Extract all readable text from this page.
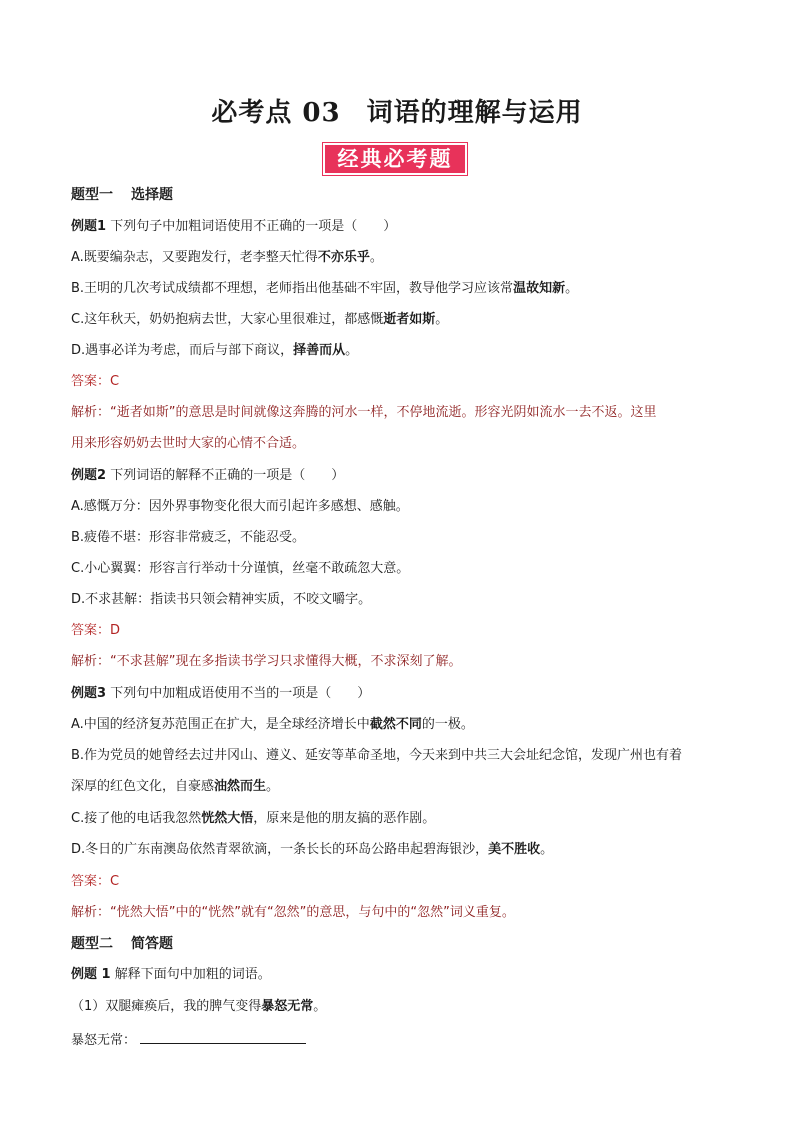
必考点 03 词语的理解与运用
经典必考题
题型一 选择题
例题1 下列句子中加粗词语使用不正确的一项是（　　）
A.既要编杂志，又要跑发行，老李整天忙得不亦乐乎。
B.王明的几次考试成绩都不理想，老师指出他基础不牢固，教导他学习应该常温故知新。
C.这年秋天，奶奶抱病去世，大家心里很难过，都感慨逝者如斯。
D.遇事必详为考虑，而后与部下商议，择善而从。
答案：C
解析：“逝者如斯”的意思是时间就像这奔腾的河水一样，不停地流逝。形容光阴如流水一去不返。这里
用来形容奶奶去世时大家的心情不合适。
例题2 下列词语的解释不正确的一项是（　　）
A.感慨万分：因外界事物变化很大而引起许多感想、感触。
B.疲倦不堪：形容非常疲乏，不能忍受。
C.小心翼翼：形容言行举动十分谨慎，丝毫不敢疏忽大意。
D.不求甚解：指读书只领会精神实质，不咬文嚼字。
答案：D
解析：“不求甚解”现在多指读书学习只求懂得大概，不求深刻了解。
例题3 下列句中加粗成语使用不当的一项是（　　）
A.中国的经济复苏范围正在扩大，是全球经济增长中截然不同的一极。
B.作为党员的她曾经去过井冈山、遵义、延安等革命圣地，今天来到中共三大会址纪念馆，发现广州也有着
深厚的红色文化，自豪感油然而生。
C.接了他的电话我忽然恍然大悟，原来是他的朋友搞的恶作剧。
D.冬日的广东南澳岛依然青翠欲滴，一条长长的环岛公路串起碧海银沙，美不胜收。
答案：C
解析：“恍然大悟”中的“恍然”就有“忽然”的意思，与句中的“忽然”词义重复。
题型二 简答题
例题 1 解释下面句中加粗的词语。
（1）双腿瘫痪后，我的脾气变得暴怒无常。
暴怒无常：
